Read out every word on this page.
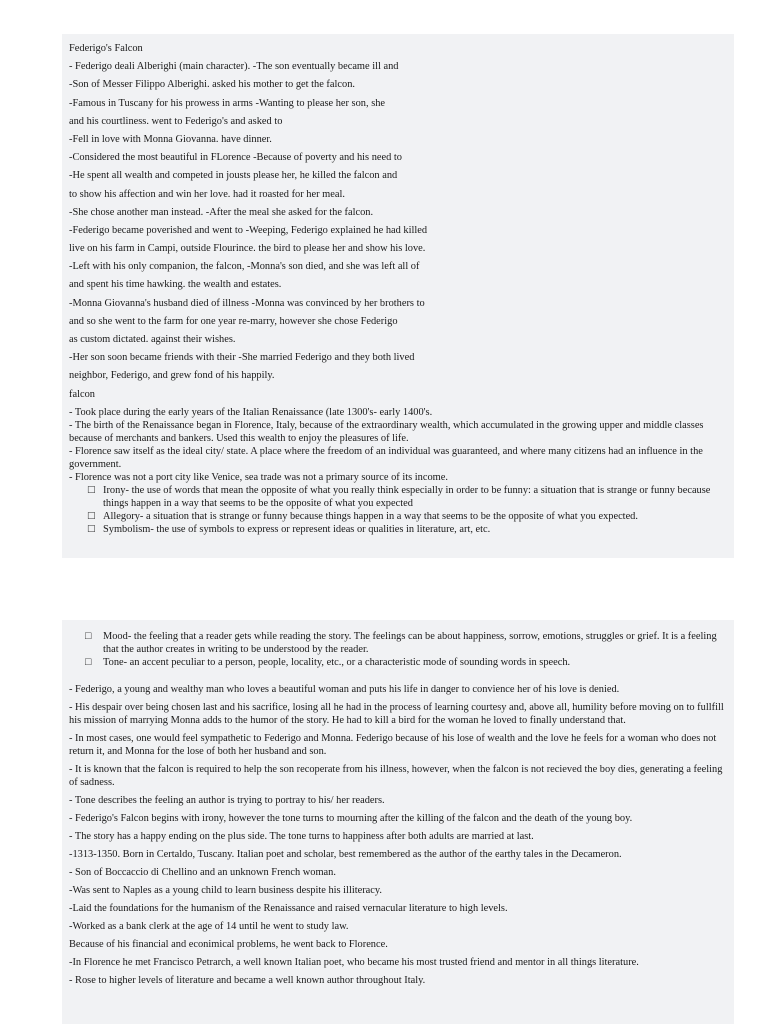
Federigo's Falcon

- Federigo deali Alberighi (main character). -The son eventually became ill and

-Son of Messer Filippo Alberighi. asked his mother to get the falcon.

-Famous in Tuscany for his prowess in arms -Wanting to please her son, she

and his courtliness. went to Federigo's and asked to

-Fell in love with Monna Giovanna. have dinner.

-Considered the most beautiful in FLorence -Because of poverty and his need to

-He spent all wealth and competed in jousts please her, he killed the falcon and

to show his affection and win her love. had it roasted for her meal.

-She chose another man instead. -After the meal she asked for the falcon.

-Federigo became poverished and went to -Weeping, Federigo explained he had killed

live on his farm in Campi, outside Flourince. the bird to please her and show his love.

-Left with his only companion, the falcon, -Monna's son died, and she was left all of

and spent his time hawking. the wealth and estates.

-Monna Giovanna's husband died of illness -Monna was convinced by her brothers to

and so she went to the farm for one year re-marry, however she chose Federigo

as custom dictated. against their wishes.

-Her son soon became friends with their -She married Federigo and they both lived

neighbor, Federigo, and grew fond of his happily.

falcon

- Took place during the early years of the Italian Renaissance (late 1300's- early 1400's.

- The birth of the Renaissance began in Florence, Italy, because of the extraordinary wealth, which accumulated in the growing upper and middle classes because of merchants and bankers. Used this wealth to enjoy the pleasures of life.

- Florence saw itself as the ideal city/ state. A place where the freedom of an individual was guaranteed, and where many citizens had an influence in the government.

- Florence was not a port city like Venice, sea trade was not a primary source of its income.

□ Irony- the use of words that mean the opposite of what you really think especially in order to be funny: a situation that is strange or funny because things happen in a way that seems to be the opposite of what you expected
□ Allegory- a situation that is strange or funny because things happen in a way that seems to be the opposite of what you expected.
□ Symbolism- the use of symbols to express or represent ideas or qualities in literature, art, etc.
□ Mood- the feeling that a reader gets while reading the story. The feelings can be about happiness, sorrow, emotions, struggles or grief. It is a feeling that the author creates in writing to be understood by the reader.
□ Tone- an accent peculiar to a person, people, locality, etc., or a characteristic mode of sounding words in speech.

- Federigo, a young and wealthy man who loves a beautiful woman and puts his life in danger to convience her of his love is denied.

- His despair over being chosen last and his sacrifice, losing all he had in the process of learning courtesy and, above all, humility before moving on to fullfill his mission of marrying Monna adds to the humor of the story. He had to kill a bird for the woman he loved to finally understand that.

- In most cases, one would feel sympathetic to Federigo and Monna. Federigo because of his lose of wealth and the love he feels for a woman who does not return it, and Monna for the lose of both her husband and son.

- It is known that the falcon is required to help the son recoperate from his illness, however, when the falcon is not recieved the boy dies, generating a feeling of sadness.

- Tone describes the feeling an author is trying to portray to his/ her readers.

- Federigo's Falcon begins with irony, however the tone turns to mourning after the killing of the falcon and the death of the young boy.

- The story has a happy ending on the plus side. The tone turns to happiness after both adults are married at last.

-1313-1350. Born in Certaldo, Tuscany. Italian poet and scholar, best remembered as the author of the earthy tales in the Decameron.

- Son of Boccaccio di Chellino and an unknown French woman.

-Was sent to Naples as a young child to learn business despite his illiteracy.

-Laid the foundations for the humanism of the Renaissance and raised vernacular literature to high levels.

-Worked as a bank clerk at the age of 14 until he went to study law.

Because of his financial and econimical problems, he went back to Florence.

-In Florence he met Francisco Petrarch, a well known Italian poet, who became his most trusted friend and mentor in all things literature.

- Rose to higher levels of literature and became a well known author throughout Italy.
